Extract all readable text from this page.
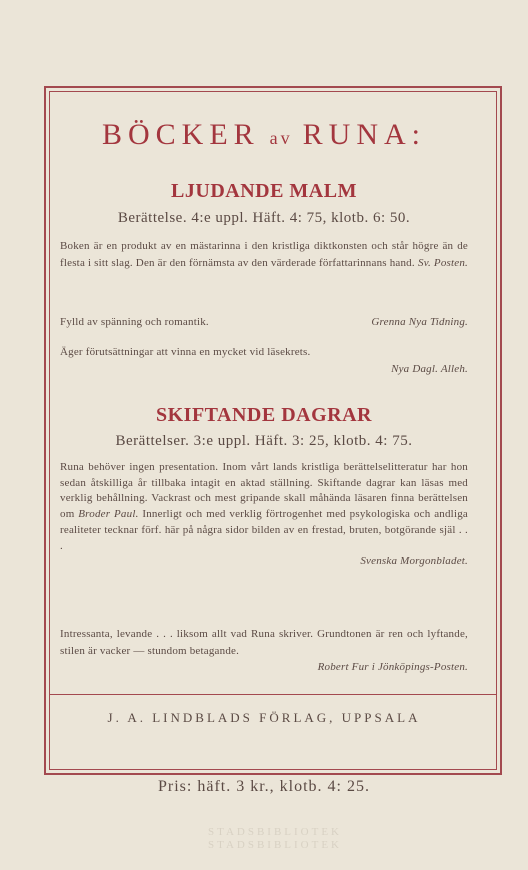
BÖCKER av RUNA:
LJUDANDE MALM
Berättelse. 4:e uppl. Häft. 4: 75, klotb. 6: 50.
Boken är en produkt av en mästarinna i den kristliga diktkonsten och står högre än de flesta i sitt slag. Den är den förnämsta av den värderade författarinnans hand. Sv. Posten.
Fylld av spänning och romantik.	Grenna Nya Tidning.
Äger förutsättningar att vinna en mycket vid läsekrets.
Nya Dagl. Alleh.
SKIFTANDE DAGRAR
Berättelser. 3:e uppl. Häft. 3: 25, klotb. 4: 75.
Runa behöver ingen presentation. Inom vårt lands kristliga berättelselitteratur har hon sedan åtskilliga år tillbaka intagit en aktad ställning. Skiftande dagrar kan läsas med verklig behållning. Vackrast och mest gripande skall måhända läsaren finna berättelsen om Broder Paul. Innerligt och med verklig förtrogenhet med psykologiska och andliga realiteter tecknar förf. här på några sidor bilden av en frestad, bruten, botgörande själ . . .
Svenska Morgonbladet.
Intressanta, levande . . . liksom allt vad Runa skriver. Grundtonen är ren och lyftande, stilen är vacker — stundom betagande.
Robert Fur i Jönköpings-Posten.
J. A. LINDBLADS FÖRLAG, UPPSALA
Pris: häft. 3 kr., klotb. 4: 25.
STADSBIBLIOTEK
STADSBIBLIOTEK
